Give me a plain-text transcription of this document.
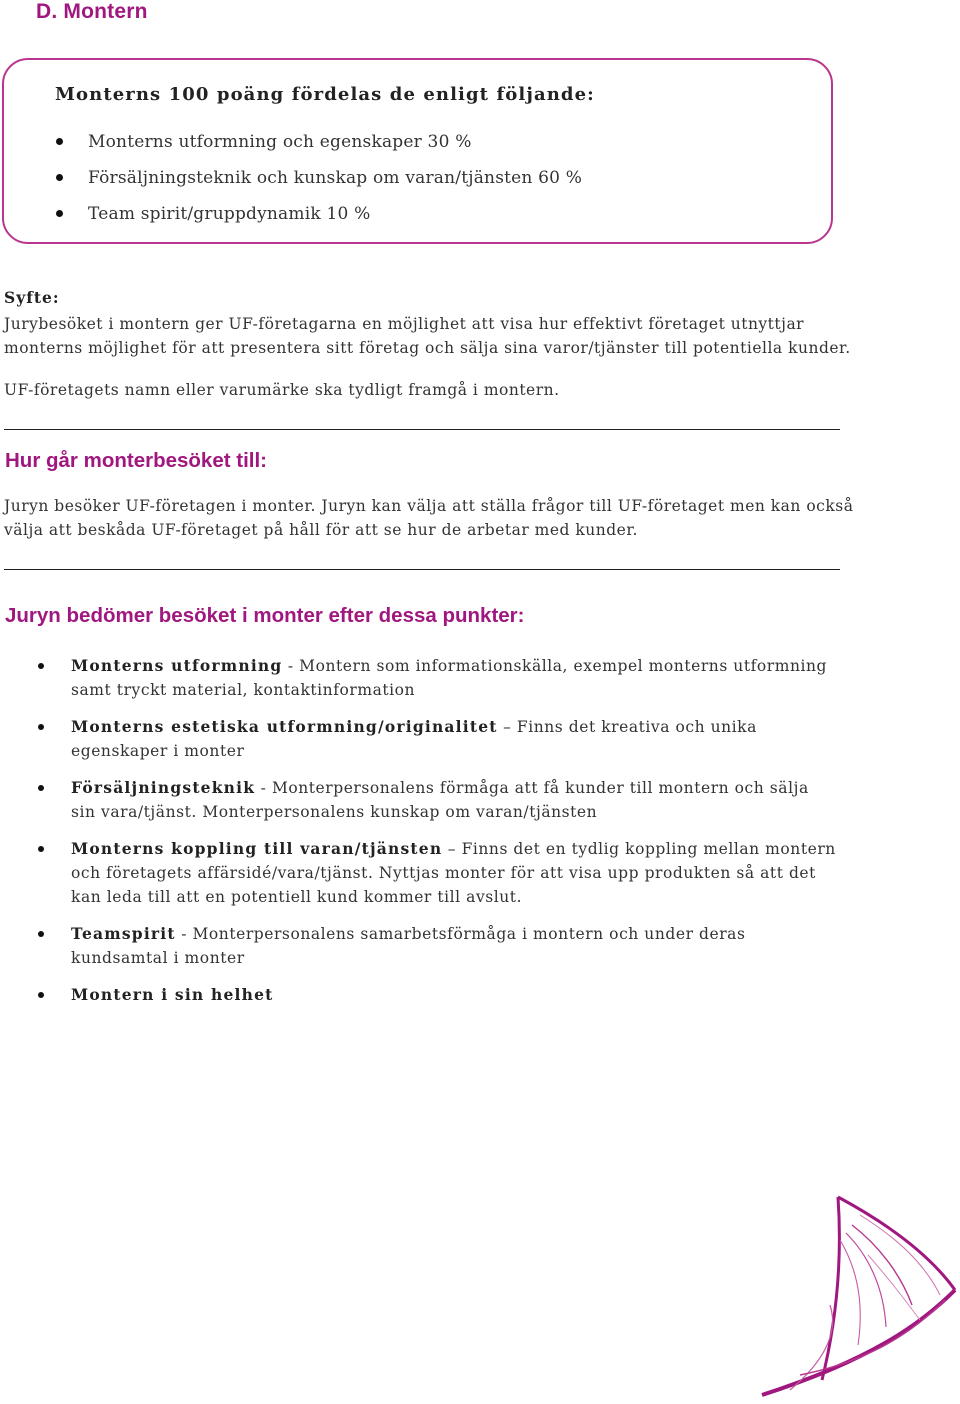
D. Montern
Monterns 100 poäng fördelas de enligt följande:
Monterns utformning och egenskaper 30 %
Försäljningsteknik och kunskap om varan/tjänsten 60 %
Team spirit/gruppdynamik 10 %
Syfte:
Jurybesöket i montern ger UF-företagarna en möjlighet att visa hur effektivt företaget utnyttjar
monterns möjlighet för att presentera sitt företag och sälja sina varor/tjänster till potentiella kunder.
UF-företagets namn eller varumärke ska tydligt framgå i montern.
Hur går monterbesöket till:
Juryn besöker UF-företagen i monter. Juryn kan välja att ställa frågor till UF-företaget men kan också
välja att beskåda UF-företaget på håll för att se hur de arbetar med kunder.
Juryn bedömer besöket i monter efter dessa punkter:
Monterns utformning - Montern som informationskälla, exempel monterns utformning samt tryckt material, kontaktinformation
Monterns estetiska utformning/originalitet – Finns det kreativa och unika egenskaper i monter
Försäljningsteknik - Monterpersonalens förmåga att få kunder till montern och sälja sin vara/tjänst. Monterpersonalens kunskap om varan/tjänsten
Monterns koppling till varan/tjänsten – Finns det en tydlig koppling mellan montern och företagets affärsidé/vara/tjänst. Nyttjas monter för att visa upp produkten så att det kan leda till att en potentiell kund kommer till avslut.
Teamspirit - Monterpersonalens samarbetsförmåga i montern och under deras kundsamtal i monter
Montern i sin helhet
